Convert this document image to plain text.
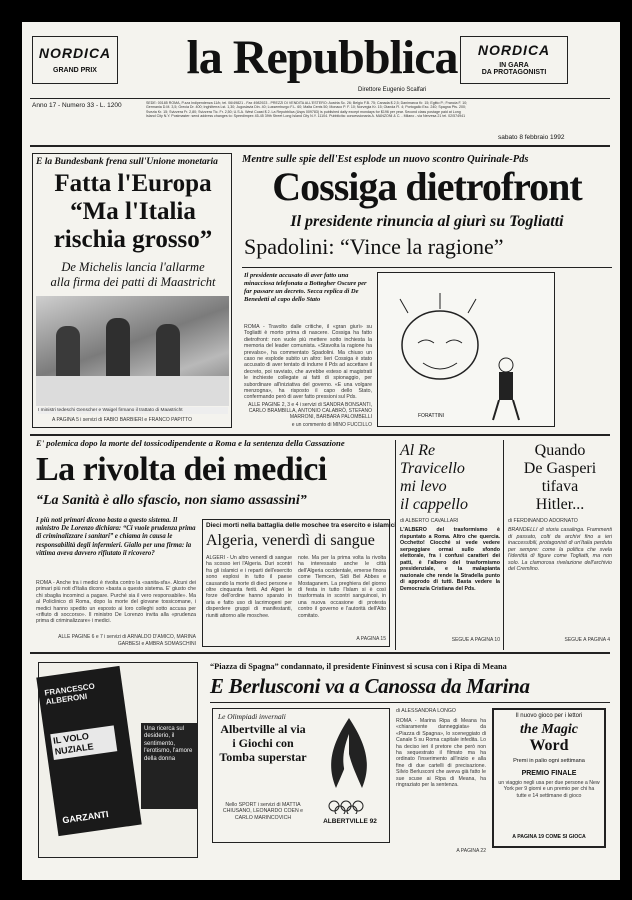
NORDICA
GRAND PRIX	la Repubblica
Direttore Eugenio Scalfari
NORDICA
IN GARA
DA PROTAGONISTI
Anno 17 - Numero 33 - L. 1200	SEDE: 00185 ROMA, P.zza Indipendenza 11/b, tel. 06/49821 - Fax 4982923 - PREZZI DI VENDITA ALL'ESTERO: Austria Sc. 26; Belgio F.B. 75; Canada $ 2,5; Danimarca Kr. 15; Egitto P.; Francia F. 10; Germania D.M. 3,5; Grecia Dr. 400; Inghilterra Lst. 1,30; Jugoslavia Din. 40; Lussemburgo F.L. 60; Malta Cents 50; Monaco P. F. 10; Norvegia Kr. 15; Olanda Fl. 4; Portogallo Esc. 240; Spagna Pts. 200; Svezia Kr. 15; Svizzera Fr. 2,80; Svizzera Tic. Fr. 2,50; U.S.A. West Coast $ 2. La Repubblica (Usps 009783) is published daily except mondays for $196 per year. Second class postage paid at Long Island City N.Y. Postmaster: send address changes to: Speedimpex 45-45 39th Street Long Island City N.Y. 11104. Pubblicita: concessionaria A. MANZONI & C. - Milano - via Nervesa 21 tel. 02/574941
sabato 8 febbraio 1992
E la Bundesbank frena sull'Unione monetaria
Fatta l'Europa
“Ma l'Italia
rischia grosso”
De Michelis lancia l'allarme
alla firma dei patti di Maastricht
I ministri tedeschi Genscher e Waigel firmano il trattato di Maastricht
A PAGINA 5 i servizi di FABIO BARBIERI e FRANCO PAPITTO
Mentre sulle spie dell'Est esplode un nuovo scontro Quirinale-Pds
Cossiga dietrofront
Il presidente rinuncia al giurì su Togliatti
Spadolini: “Vince la ragione”
Il presidente accusato di aver fatto una minacciosa telefonata a Bottegher Oscure per far passare un decreto. Secca replica di De Benedetti al capo dello Stato
ROMA - Travolto dalle critiche, il «gran giurì» su Togliatti è morto prima di nascere. Cossiga ha fatto dietrofront: non vuole più mettere sotto inchiesta la memoria del leader comunista. «Stavolta la ragione ha prevalso», ha commentato Spadolini. Ma chiuso un caso ne esplode subito un altro: lieri Cossiga è stato accusato di aver tentato di indurre il Pds ad accettare il decreto, poi ravviato, che avrebbe esteso ai magistrati le inchieste collegate ai fatti di spionaggio, per subordinare all'iniziativa del governo. «E una volgare menzogna», ha risposto il capo dello Stato, confermando però di aver fatto pressioni sul Pds.
ALLE PAGINE 2, 3 e 4 i servizi di SANDRA BONSANTI, CARLO BRAMBILLA, ANTONIO CALABRÒ, STEFANO MARRONI, BARBARA PALOMBELLI
e un commento di MINO FUCCILLO
FORATTINI
E' polemica dopo la morte del tossicodipendente a Roma e la sentenza della Cassazione
La rivolta dei medici
“La Sanità è allo sfascio, non siamo assassini”
I più noti primari dicono basta a questo sistema. Il ministro De Lorenzo dichiara: “Ci vuole prudenza prima di criminalizzare i sanitari” e chiama in causa le responsabilità degli infermieri. Giallo per una firma: la vittima aveva davvero rifiutato il ricovero?
ROMA - Anche tra i medici è rivolta contro la «sanita-sfa». Alcuni dei primari più noti d'Italia dicono «basta a questo sistema. E' giusto che chi sbaglia incominci a pagare. Purché sia il vero responsabile». Ma al Policlinico di Roma, dopo la morte del giovane tossicomane, i medici hanno spedito un esposto ai loro colleghi sotto accusa per «rifiuto di soccorso». Il ministro De Lorenzo invita alla «prudenza prima di criminalizzare» i medici.
ALLE PAGINE 6 e 7 i servizi di ARNALDO D'AMICO, MARINA GARBESI e AMBRA SOMASCHINI
Dieci morti nella battaglia delle moschee tra esercito e islamici
Algeria, venerdì di sangue
ALGERI - Un altro venerdì di sangue ha scosso ieri l'Algeria. Duri scontri fra gli islamici e i reparti dell'esercito sono esplosi in tutto il paese causando la morte di dieci persone e oltre cinquanta feriti. Ad Algeri le forze dell'ordine hanno sparato in aria e fatto uso di lacrimogeni per disperdere gruppi di manifestanti, riuniti attorno alle moschee.
note. Ma per la prima volta la rivolta ha interessato anche le città dell'Algeria occidentale, emerse finora come Tlemcen, Sidi Bel Abbes e Mostaganem. La preghiera del giorno di festa in tutto l'Islam si è così trasformata in scontri sanguinosi, in una nuova occasione di protesta contro il governo e l'autorità dell'Alto comitato.
A PAGINA 15
Al Re
Travicello
mi levo
il cappello
di ALBERTO CAVALLARI
L'ALBERO del trasformismo è rispuntato a Roma. Altro che quercia. Occhetto! Ciocché si vede vedere serpeggiare ormai sullo sfondo elettorale, fra i confusi caratteri dei patti, è l'albero del trasformismo presidenziale, e la malapianta nazionale che rende la Stradella punto di approdo di tutti. Basta vedere la Democrazia Cristiana del Pds.
SEGUE A PAGINA 10
Quando
De Gasperi
tifava
Hitler...
di FERDINANDO ADORNATO
BRANDELLI di storia casalinga. Frammenti di passato, colti da archivi fino a ieri inaccessibili, protagonisti di un'Italia perduta per sempre: come la politica che svela l'identità di figure come Togliatti, ma non solo. La clamorosa rivelazione dell'archivio del Cremlino.
SEGUE A PAGINA 4
FRANCESCO ALBERONI
IL VOLO NUZIALE
GARZANTI
Una ricerca sul desiderio, il sentimento, l'erotismo, l'amore della donna
“Piazza di Spagna” condannato, il presidente Fininvest si scusa con i Ripa di Meana
E Berlusconi va a Canossa da Marina
Le Olimpiadi invernali
Albertville al via i Giochi con Tomba superstar
Nello SPORT i servizi di MATTIA CHIUSANO, LEONARDO COEN e CARLO MARINCOVICH
ALBERTVILLE 92
di ALESSANDRA LONGO
ROMA - Marina Ripa di Meana ha «chiaramente danneggiata» da «Piazza di Spagna», lo sceneggiato di Canale 5 su Roma capitale infedita. Lo ha deciso ieri il pretore che però non ha sequestrato il filmato ma ha ordinato l'inserimento all'inizio e alla fine di due cartelli di precisazione. Silvio Berlusconi che aveva già fatto le sue scuse ai Ripa di Meana, ha ringraziato per la sentenza.
A PAGINA 22
Il nuovo gioco per i lettori
the Magic
Word
Premi in palio ogni settimana
PREMIO FINALE
un viaggio negli usa per due persone a New York per 9 giorni e un premio per chi ha tutte e 14 settimane di gioco
A PAGINA 19 COME SI GIOCA
